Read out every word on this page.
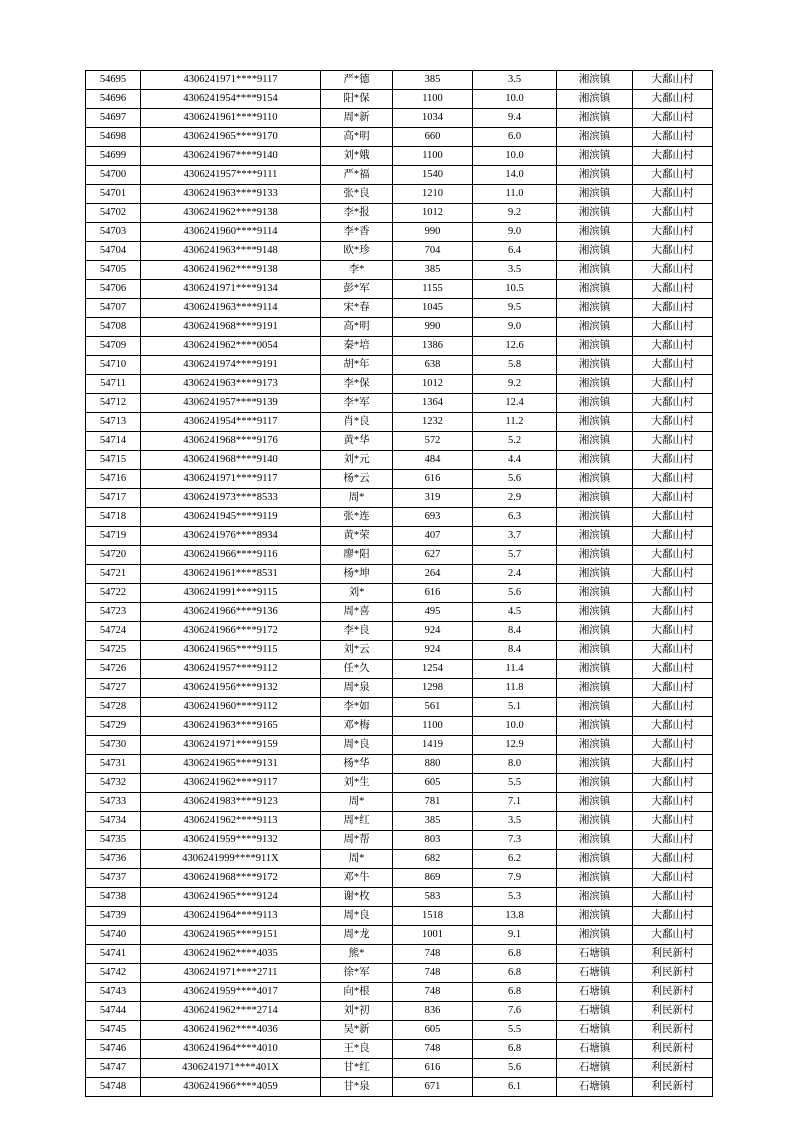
54695	4306241971****9117	严*德	385	3.5	湘滨镇	大鄱山村
54696	4306241954****9154	阳*保	1100	10.0	湘滨镇	大鄱山村
54697	4306241961****9110	周*新	1034	9.4	湘滨镇	大鄱山村
54698	4306241965****9170	高*明	660	6.0	湘滨镇	大鄱山村
54699	4306241967****9140	刘*娥	1100	10.0	湘滨镇	大鄱山村
54700	4306241957****9111	严*福	1540	14.0	湘滨镇	大鄱山村
54701	4306241963****9133	张*良	1210	11.0	湘滨镇	大鄱山村
54702	4306241962****9138	李*报	1012	9.2	湘滨镇	大鄱山村
54703	4306241960****9114	李*香	990	9.0	湘滨镇	大鄱山村
54704	4306241963****9148	欧*珍	704	6.4	湘滨镇	大鄱山村
54705	4306241962****9138	李*	385	3.5	湘滨镇	大鄱山村
54706	4306241971****9134	彭*军	1155	10.5	湘滨镇	大鄱山村
54707	4306241963****9114	宋*春	1045	9.5	湘滨镇	大鄱山村
54708	4306241968****9191	高*明	990	9.0	湘滨镇	大鄱山村
54709	4306241962****0054	秦*培	1386	12.6	湘滨镇	大鄱山村
54710	4306241974****9191	胡*年	638	5.8	湘滨镇	大鄱山村
54711	4306241963****9173	李*保	1012	9.2	湘滨镇	大鄱山村
54712	4306241957****9139	李*军	1364	12.4	湘滨镇	大鄱山村
54713	4306241954****9117	肖*良	1232	11.2	湘滨镇	大鄱山村
54714	4306241968****9176	黄*华	572	5.2	湘滨镇	大鄱山村
54715	4306241968****9140	刘*元	484	4.4	湘滨镇	大鄱山村
54716	4306241971****9117	杨*云	616	5.6	湘滨镇	大鄱山村
54717	4306241973****8533	周*	319	2.9	湘滨镇	大鄱山村
54718	4306241945****9119	张*连	693	6.3	湘滨镇	大鄱山村
54719	4306241976****8934	黄*荣	407	3.7	湘滨镇	大鄱山村
54720	4306241966****9116	廖*阳	627	5.7	湘滨镇	大鄱山村
54721	4306241961****8531	杨*坤	264	2.4	湘滨镇	大鄱山村
54722	4306241991****9115	刘*	616	5.6	湘滨镇	大鄱山村
54723	4306241966****9136	周*喜	495	4.5	湘滨镇	大鄱山村
54724	4306241966****9172	李*良	924	8.4	湘滨镇	大鄱山村
54725	4306241965****9115	刘*云	924	8.4	湘滨镇	大鄱山村
54726	4306241957****9112	任*久	1254	11.4	湘滨镇	大鄱山村
54727	4306241956****9132	周*泉	1298	11.8	湘滨镇	大鄱山村
54728	4306241960****9112	李*如	561	5.1	湘滨镇	大鄱山村
54729	4306241963****9165	邓*梅	1100	10.0	湘滨镇	大鄱山村
54730	4306241971****9159	周*良	1419	12.9	湘滨镇	大鄱山村
54731	4306241965****9131	杨*华	880	8.0	湘滨镇	大鄱山村
54732	4306241962****9117	刘*生	605	5.5	湘滨镇	大鄱山村
54733	4306241983****9123	周*	781	7.1	湘滨镇	大鄱山村
54734	4306241962****9113	周*红	385	3.5	湘滨镇	大鄱山村
54735	4306241959****9132	周*帮	803	7.3	湘滨镇	大鄱山村
54736	4306241999****911X	周*	682	6.2	湘滨镇	大鄱山村
54737	4306241968****9172	邓*牛	869	7.9	湘滨镇	大鄱山村
54738	4306241965****9124	谢*枚	583	5.3	湘滨镇	大鄱山村
54739	4306241964****9113	周*良	1518	13.8	湘滨镇	大鄱山村
54740	4306241965****9151	周*龙	1001	9.1	湘滨镇	大鄱山村
54741	4306241962****4035	熊*	748	6.8	石塘镇	利民新村
54742	4306241971****2711	徐*军	748	6.8	石塘镇	利民新村
54743	4306241959****4017	向*根	748	6.8	石塘镇	利民新村
54744	4306241962****2714	刘*初	836	7.6	石塘镇	利民新村
54745	4306241962****4036	吴*新	605	5.5	石塘镇	利民新村
54746	4306241964****4010	王*良	748	6.8	石塘镇	利民新村
54747	4306241971****401X	甘*红	616	5.6	石塘镇	利民新村
54748	4306241966****4059	甘*泉	671	6.1	石塘镇	利民新村
